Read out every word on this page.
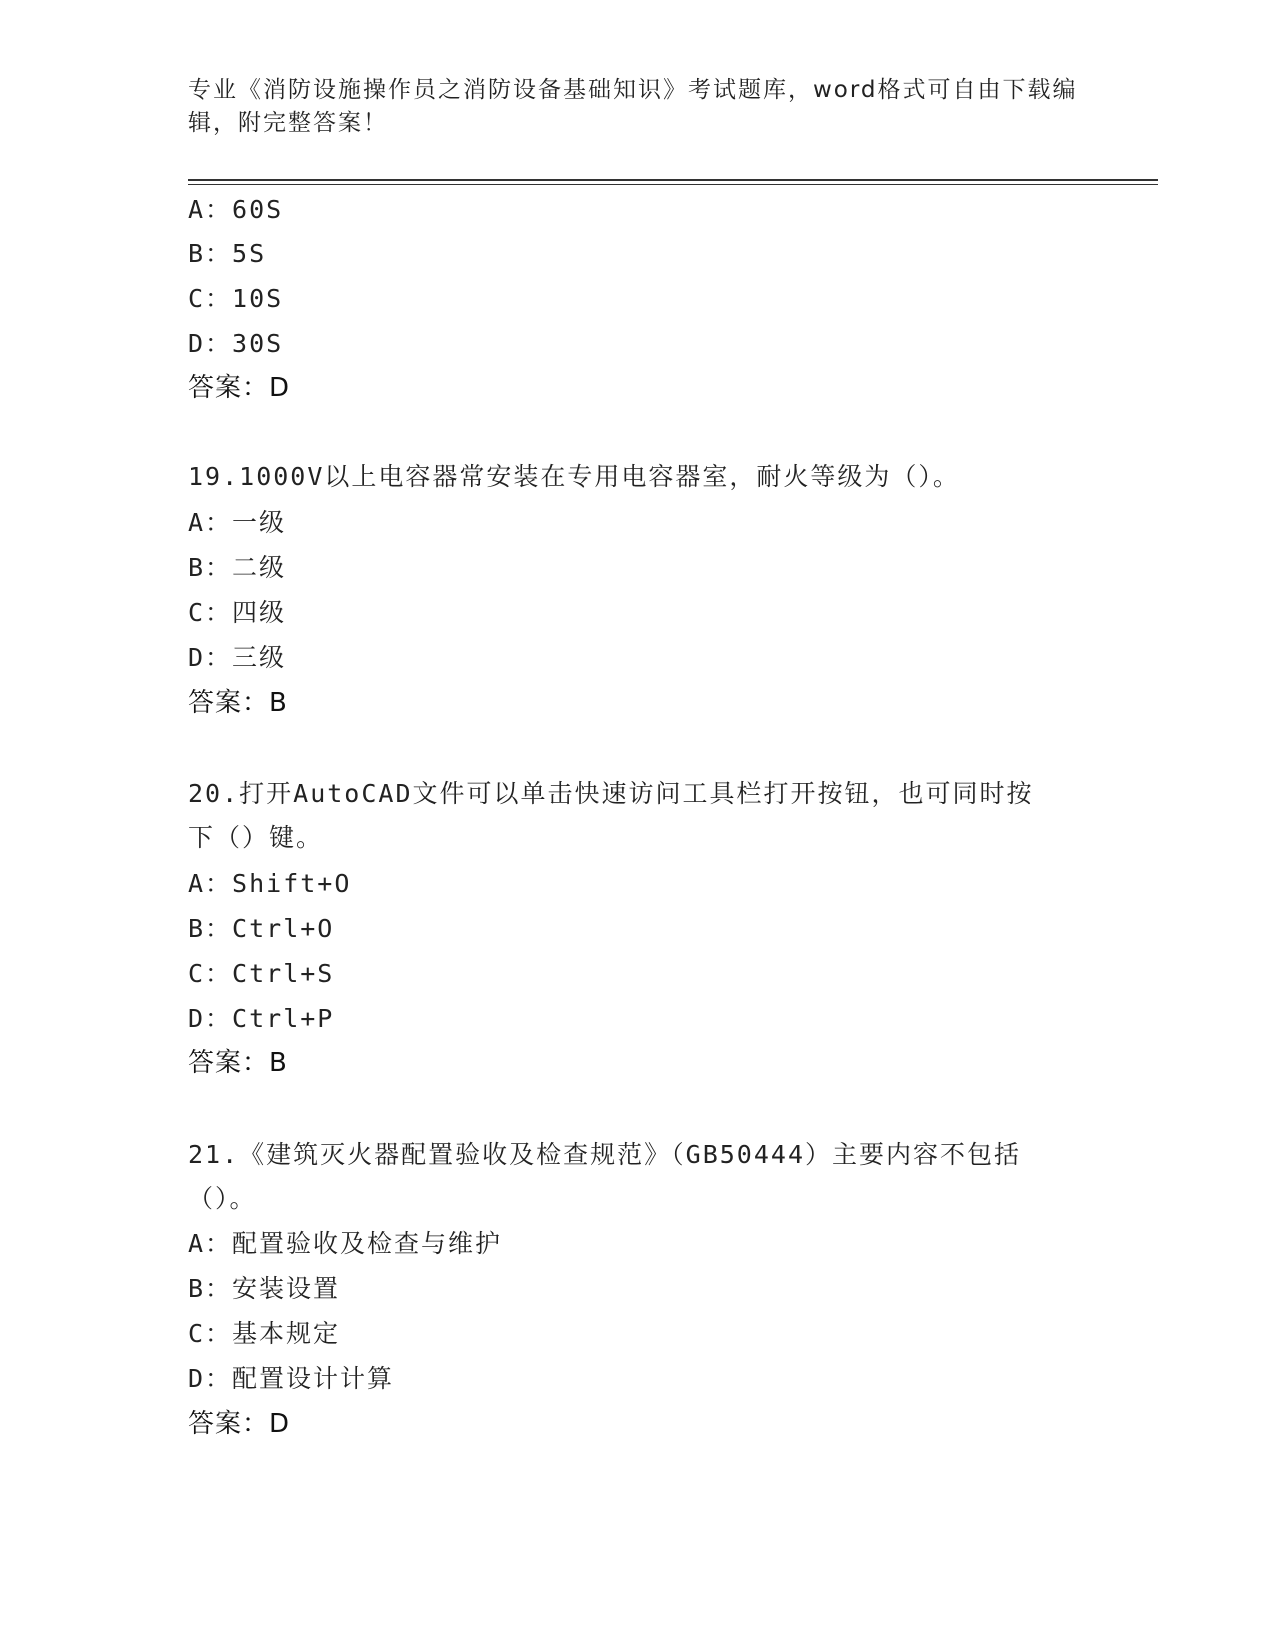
专业《消防设施操作员之消防设备基础知识》考试题库，word格式可自由下载编辑，附完整答案！
A：60S
B：5S
C：10S
D：30S
答案：D
19.1000V以上电容器常安装在专用电容器室，耐火等级为（）。
A：一级
B：二级
C：四级
D：三级
答案：B
20.打开AutoCAD文件可以单击快速访问工具栏打开按钮，也可同时按
下（）键。
A：Shift+O
B：Ctrl+O
C：Ctrl+S
D：Ctrl+P
答案：B
21.《建筑灭火器配置验收及检查规范》（GB50444）主要内容不包括
（）。
A：配置验收及检查与维护
B：安装设置
C：基本规定
D：配置设计计算
答案：D
